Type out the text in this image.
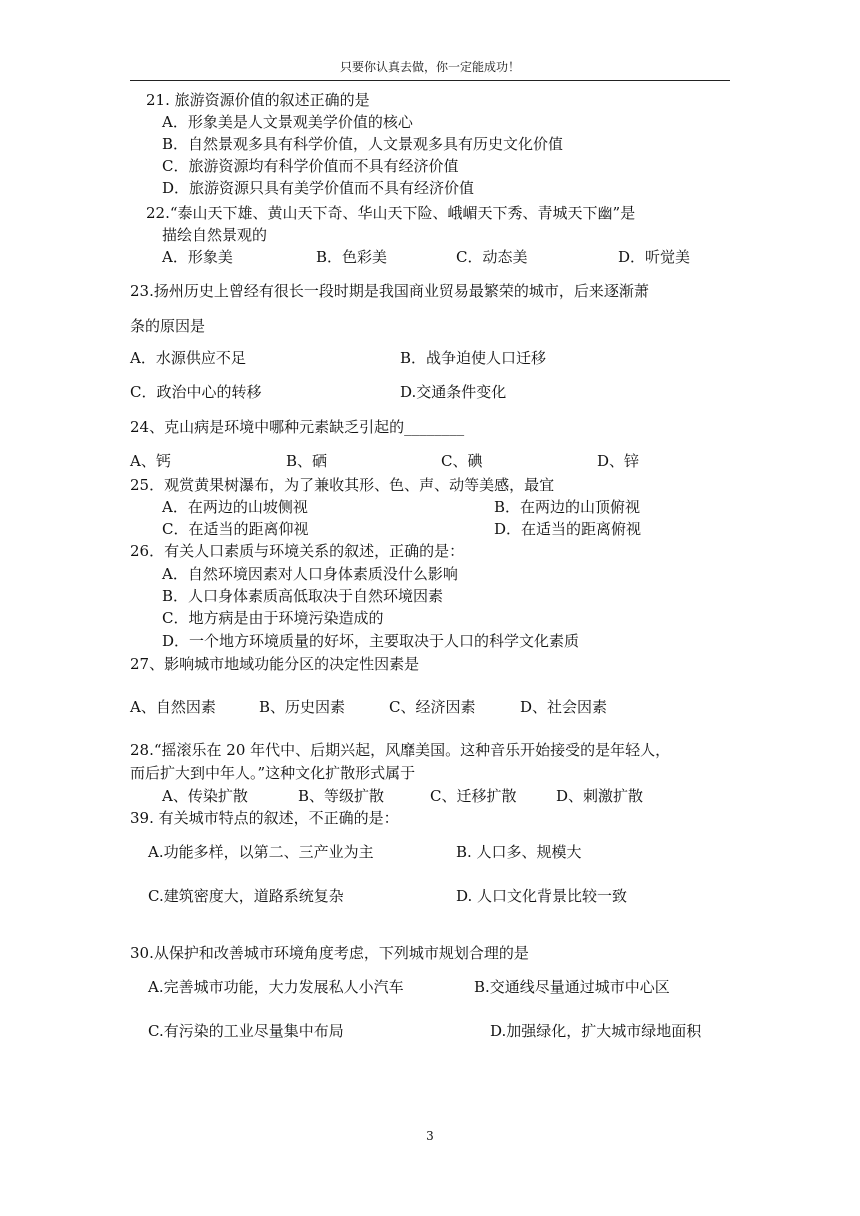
只要你认真去做，你一定能成功！
21. 旅游资源价值的叙述正确的是
A．形象美是人文景观美学价值的核心
B．自然景观多具有科学价值，人文景观多具有历史文化价值
C．旅游资源均有科学价值而不具有经济价值
D．旅游资源只具有美学价值而不具有经济价值
22.“泰山天下雄、黄山天下奇、华山天下险、峨嵋天下秀、青城天下幽”是
描绘自然景观的
A．形象美	B．色彩美	C．动态美	D．听觉美
23.扬州历史上曾经有很长一段时期是我国商业贸易最繁荣的城市，后来逐渐萧
条的原因是
A．水源供应不足	B．战争迫使人口迁移
C．政治中心的转移	D.交通条件变化
24、克山病是环境中哪种元素缺乏引起的________
A、钙	B、硒	C、碘	D、锌
25．观赏黄果树瀑布，为了兼收其形、色、声、动等美感，最宜
A．在两边的山坡侧视	B．在两边的山顶俯视
C．在适当的距离仰视	D．在适当的距离俯视
26．有关人口素质与环境关系的叙述，正确的是：
A．自然环境因素对人口身体素质没什么影响
B．人口身体素质高低取决于自然环境因素
C．地方病是由于环境污染造成的
D．一个地方环境质量的好坏，主要取决于人口的科学文化素质
27、影响城市地域功能分区的决定性因素是
A、自然因素	B、历史因素	C、经济因素	D、社会因素
28.“摇滚乐在 20 年代中、后期兴起，风靡美国。这种音乐开始接受的是年轻人，
而后扩大到中年人。”这种文化扩散形式属于
A、传染扩散	B、等级扩散	C、迁移扩散	D、刺激扩散
39. 有关城市特点的叙述，不正确的是：
A.功能多样，以第二、三产业为主	B. 人口多、规模大
C.建筑密度大，道路系统复杂	D. 人口文化背景比较一致
30.从保护和改善城市环境角度考虑，下列城市规划合理的是
A.完善城市功能，大力发展私人小汽车	B.交通线尽量通过城市中心区
C.有污染的工业尽量集中布局	D.加强绿化，扩大城市绿地面积
3
